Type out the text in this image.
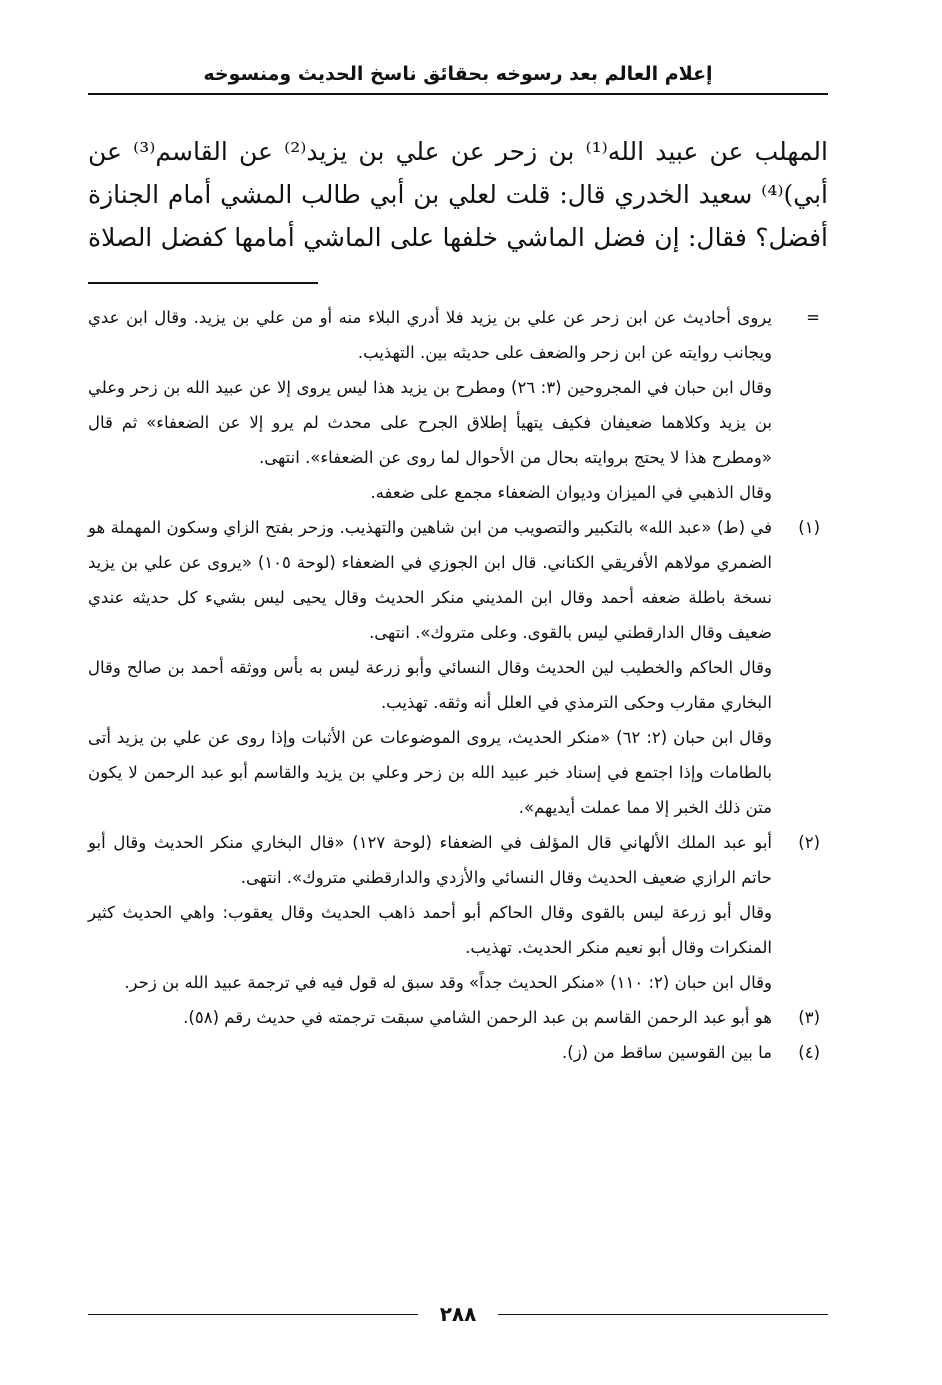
إعلام العالم بعد رسوخه بحقائق ناسخ الحديث ومنسوخه

المهلب عن عبيد الله⁽¹⁾ بن زحر عن علي بن يزيد⁽²⁾ عن القاسم⁽³⁾ عن

أبي)⁽⁴⁾ سعيد الخدري قال: قلت لعلي بن أبي طالب المشي أمام الجنازة

أفضل؟ فقال: إن فضل الماشي خلفها على الماشي أمامها كفضل الصلاة

=

يروى أحاديث عن ابن زحر عن علي بن يزيد فلا أدري البلاء منه أو من علي بن يزيد. وقال ابن عدي ويجانب روايته عن ابن زحر والضعف على حديثه بين. التهذيب.

وقال ابن حبان في المجروحين (٣: ٢٦) ومطرح بن يزيد هذا ليس يروى إلا عن عبيد الله بن زحر وعلي بن يزيد وكلاهما ضعيفان فكيف يتهيأ إطلاق الجرح على محدث لم يرو إلا عن الضعفاء» ثم قال «ومطرح هذا لا يحتج بروايته بحال من الأحوال لما روى عن الضعفاء». انتهى.

وقال الذهبي في الميزان وديوان الضعفاء مجمع على ضعفه.

(١)

في (ط) «عبد الله» بالتكبير والتصويب من ابن شاهين والتهذيب. وزحر بفتح الزاي وسكون المهملة هو الضمري مولاهم الأفريقي الكناني. قال ابن الجوزي في الضعفاء (لوحة ١٠٥) «يروى عن علي بن يزيد نسخة باطلة ضعفه أحمد وقال ابن المديني منكر الحديث وقال يحيى ليس بشيء كل حديثه عندي ضعيف وقال الدارقطني ليس بالقوى. وعلى متروك». انتهى.

وقال الحاكم والخطيب لين الحديث وقال النسائي وأبو زرعة ليس به بأس ووثقه أحمد بن صالح وقال البخاري مقارب وحكى الترمذي في العلل أنه وثقه. تهذيب.

وقال ابن حبان (٢: ٦٢) «منكر الحديث، يروى الموضوعات عن الأثبات وإذا روى عن علي بن يزيد أتى بالطامات وإذا اجتمع في إسناد خبر عبيد الله بن زحر وعلي بن يزيد والقاسم أبو عبد الرحمن لا يكون متن ذلك الخبر إلا مما عملت أيديهم».

(٢)

أبو عبد الملك الألهاني قال المؤلف في الضعفاء (لوحة ١٢٧) «قال البخاري منكر الحديث وقال أبو حاتم الرازي ضعيف الحديث وقال النسائي والأزدي والدارقطني متروك». انتهى.

وقال أبو زرعة ليس بالقوى وقال الحاكم أبو أحمد ذاهب الحديث وقال يعقوب: واهي الحديث كثير المنكرات وقال أبو نعيم منكر الحديث. تهذيب.

وقال ابن حبان (٢: ١١٠) «منكر الحديث جداً» وقد سبق له قول فيه في ترجمة عبيد الله بن زحر.

(٣)

هو أبو عبد الرحمن القاسم بن عبد الرحمن الشامي سبقت ترجمته في حديث رقم (٥٨).

(٤)

ما بين القوسين ساقط من (ز).

٢٨٨
